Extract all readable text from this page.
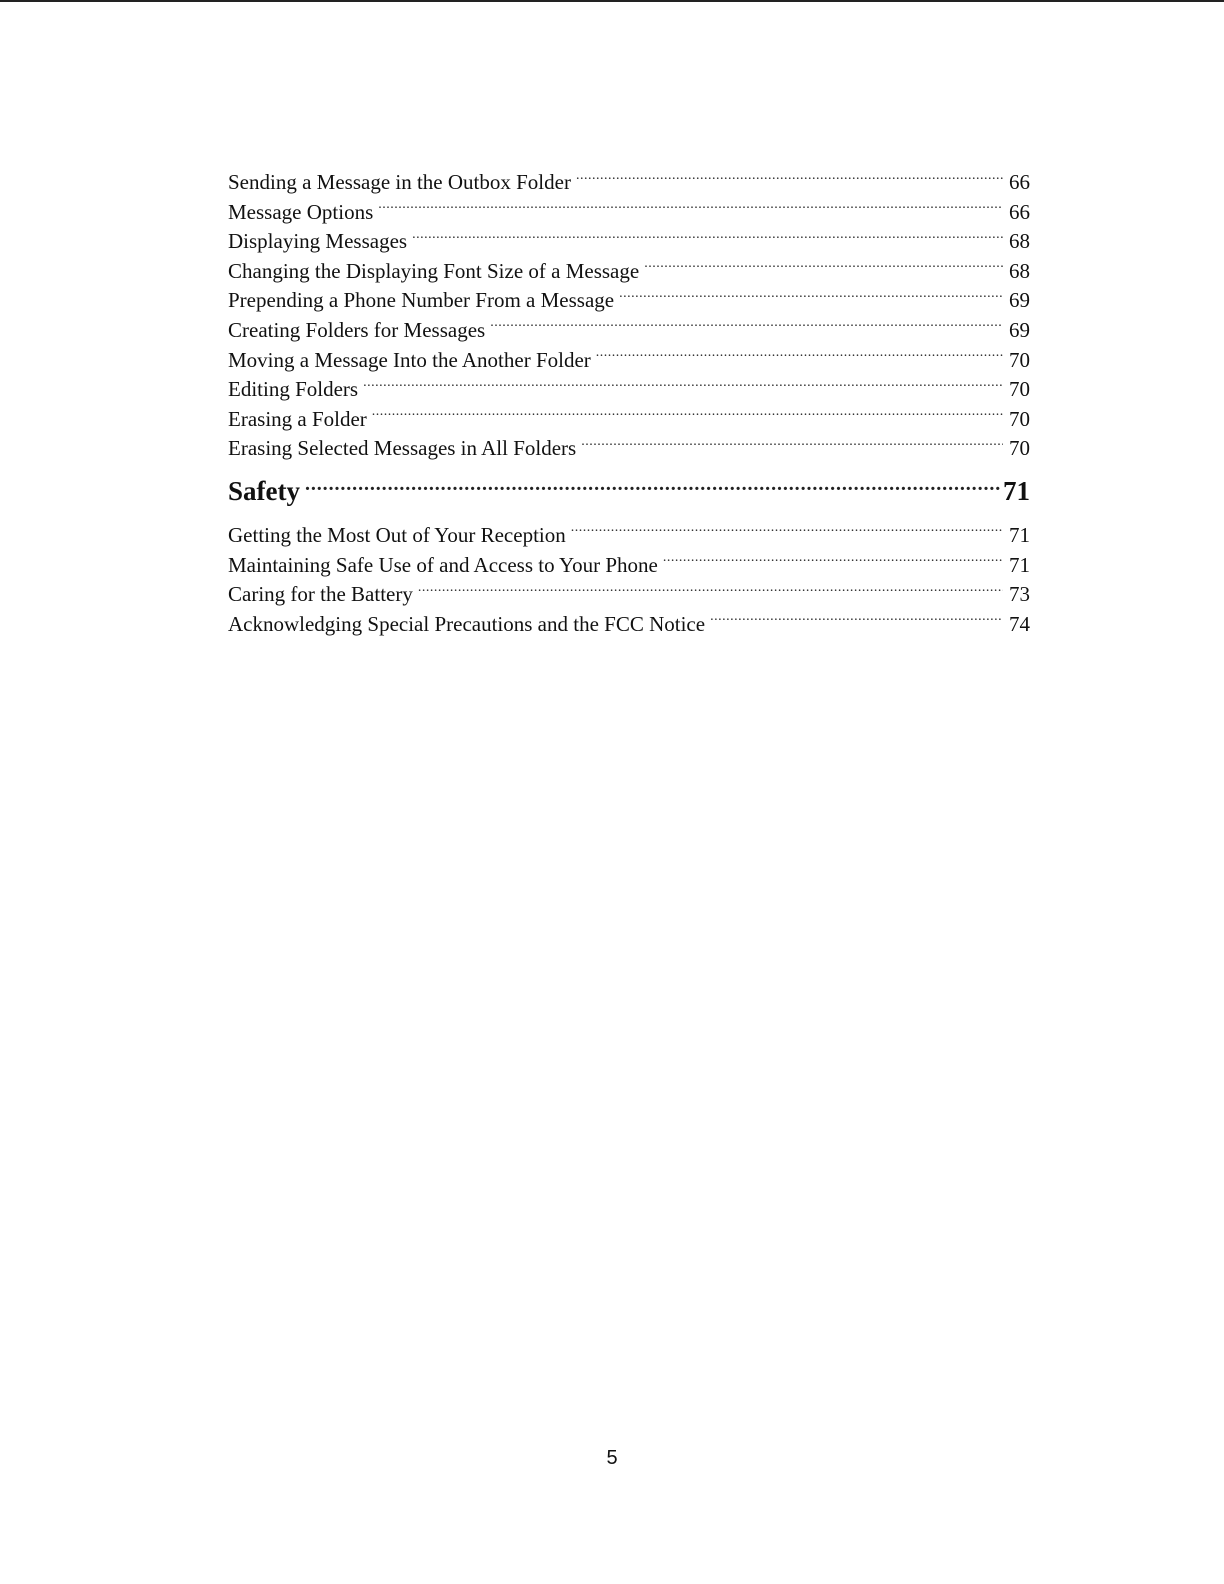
Sending a Message in the Outbox Folder .....	66
Message Options .....	66
Displaying Messages .....	68
Changing the Displaying Font Size of a Message .....	68
Prepending a Phone Number From a Message .....	69
Creating Folders for Messages .....	69
Moving a Message Into the Another Folder .....	70
Editing Folders .....	70
Erasing a Folder .....	70
Erasing Selected Messages in All Folders .....	70
Safety .....	71
Getting the Most Out of Your Reception .....	71
Maintaining Safe Use of and Access to Your Phone .....	71
Caring for the Battery .....	73
Acknowledging Special Precautions and the FCC Notice .....	74
5
